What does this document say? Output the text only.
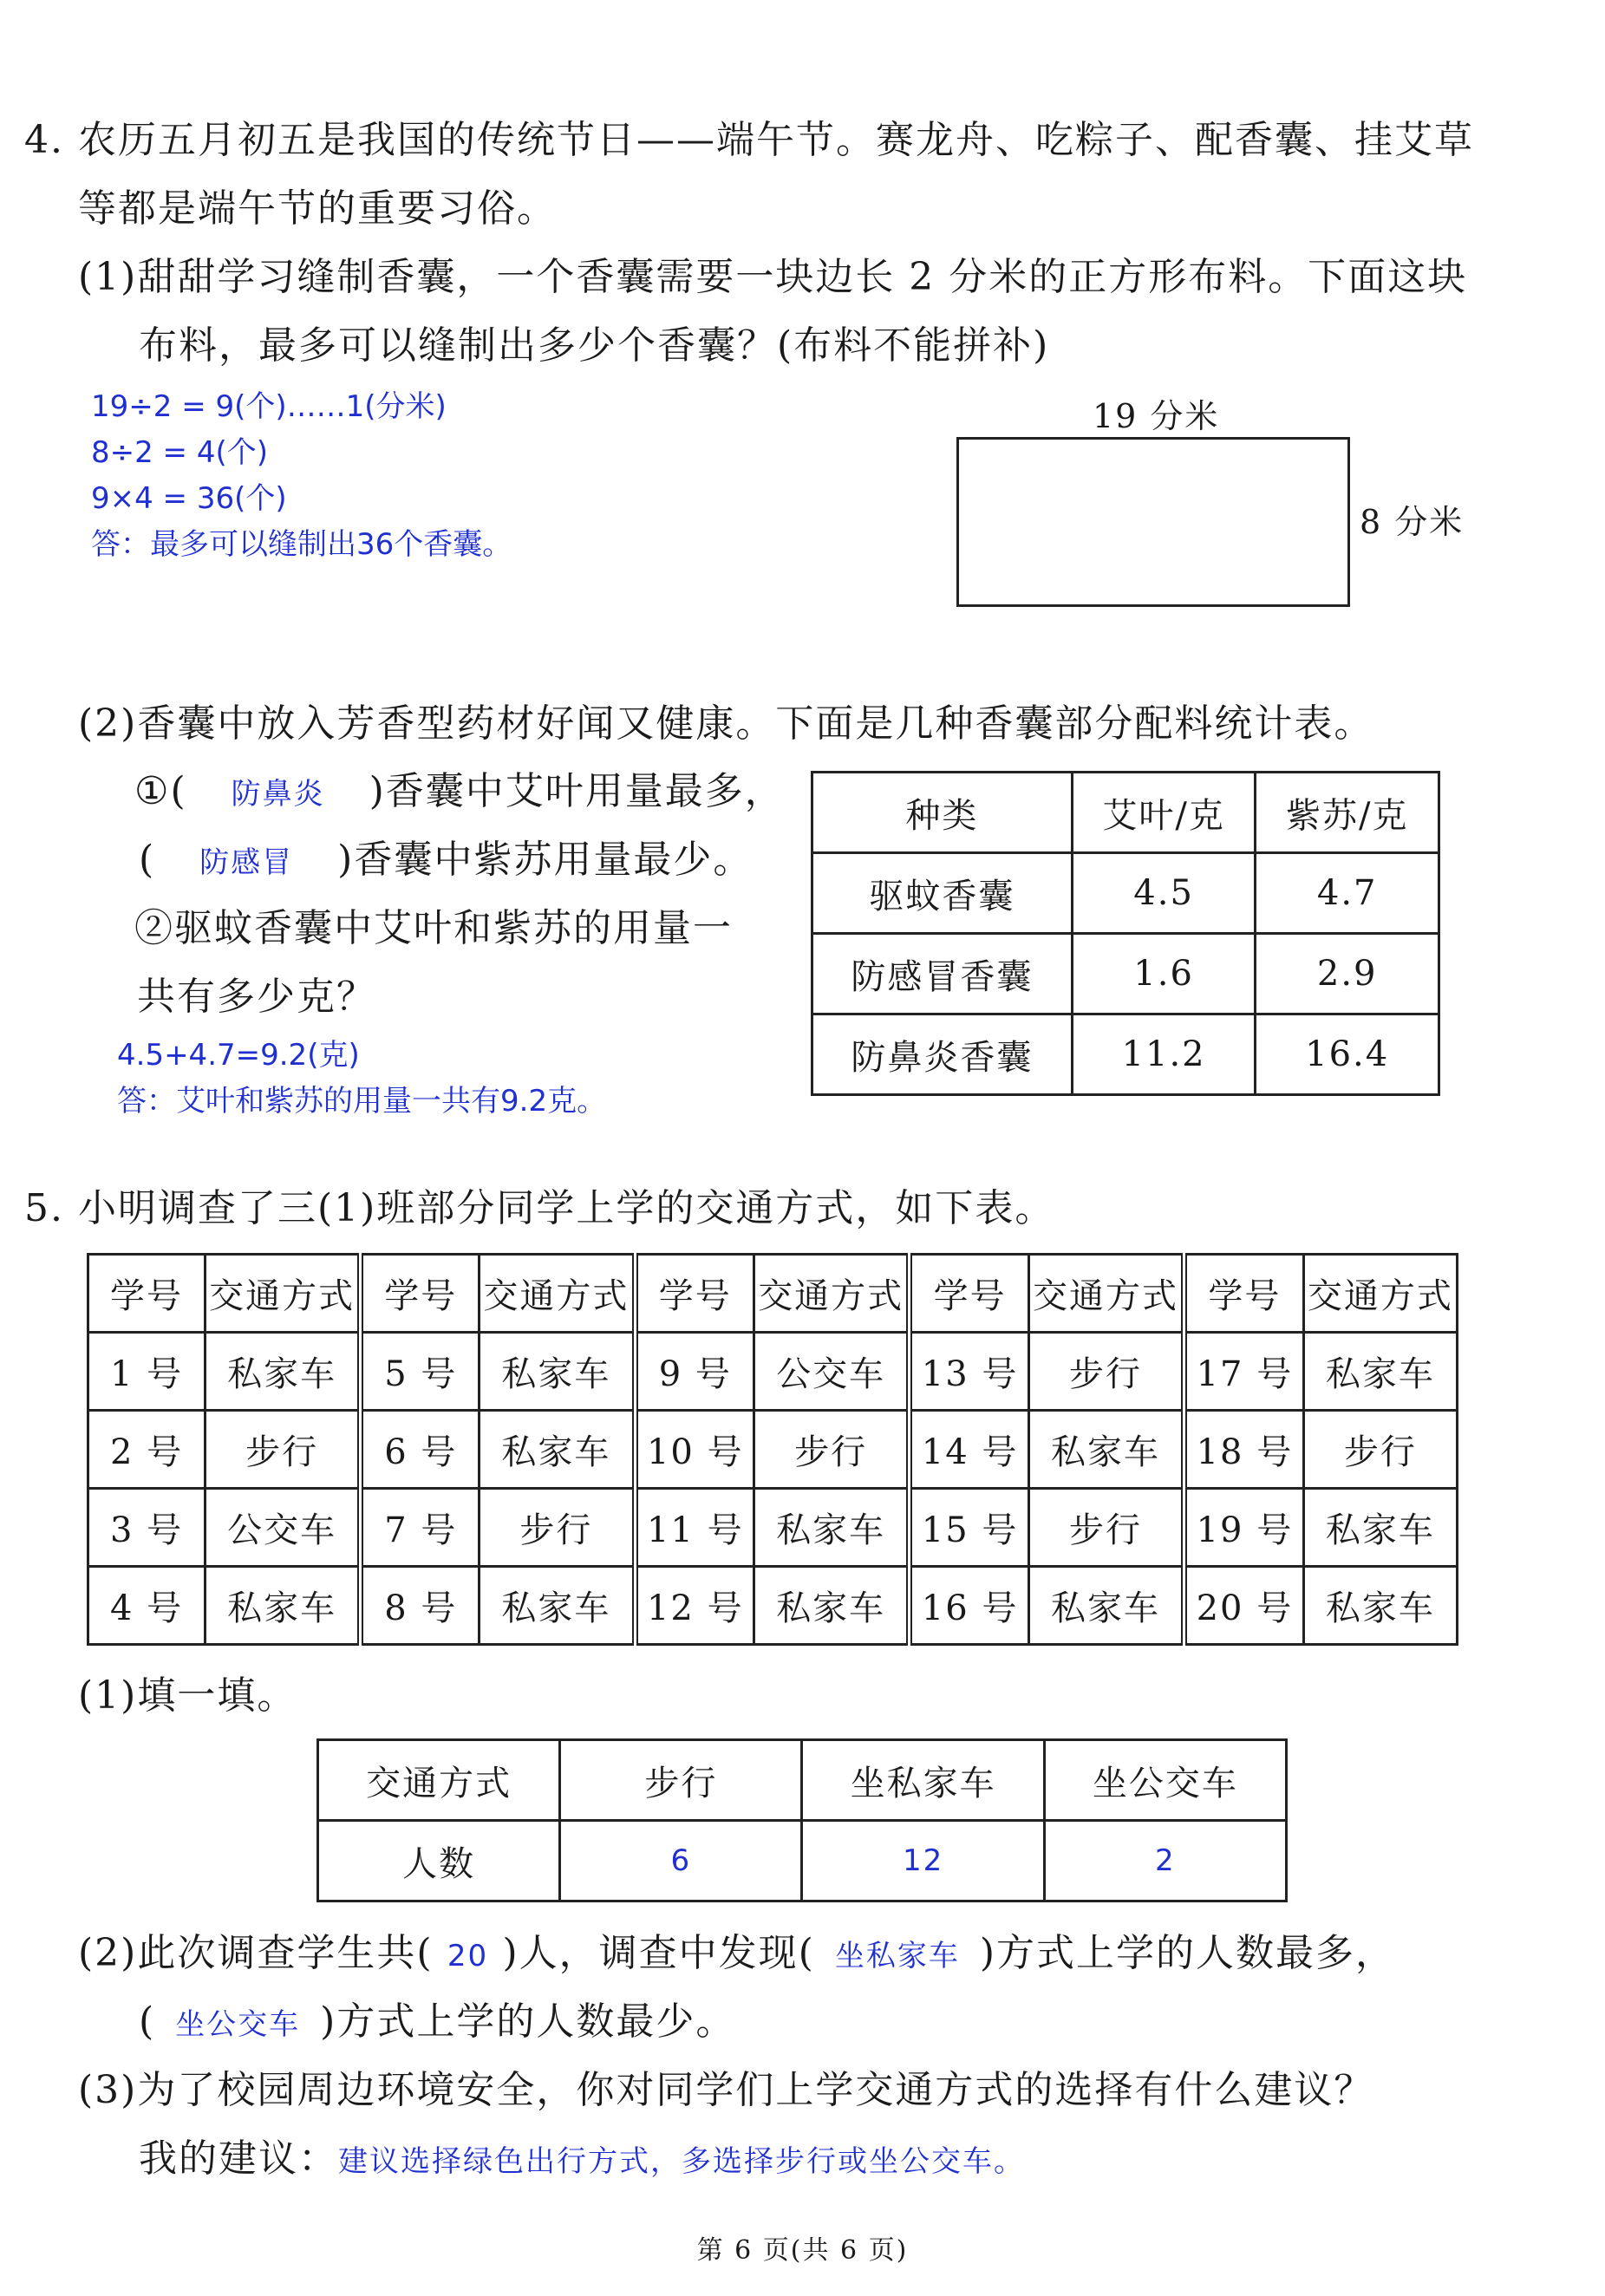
4. 农历五月初五是我国的传统节日——端午节。赛龙舟、吃粽子、配香囊、挂艾草
等都是端午节的重要习俗。
(1)甜甜学习缝制香囊，一个香囊需要一块边长 2 分米的正方形布料。下面这块
布料，最多可以缝制出多少个香囊？(布料不能拼补)
19÷2 = 9(个)……1(分米)
8÷2 = 4(个)
9×4 = 36(个)
答：最多可以缝制出36个香囊。
19 分米
8 分米
(2)香囊中放入芳香型药材好闻又健康。下面是几种香囊部分配料统计表。
①( 防鼻炎 )香囊中艾叶用量最多，
( 防感冒 )香囊中紫苏用量最少。
②驱蚊香囊中艾叶和紫苏的用量一
共有多少克？
4.5+4.7=9.2(克)
答：艾叶和紫苏的用量一共有9.2克。
种类	艾叶/克	紫苏/克
驱蚊香囊	4.5	4.7
防感冒香囊	1.6	2.9
防鼻炎香囊	11.2	16.4
5. 小明调查了三(1)班部分同学上学的交通方式，如下表。
学号	交通方式	学号	交通方式	学号	交通方式	学号	交通方式	学号	交通方式
1 号	私家车	5 号	私家车	9 号	公交车	13 号	步行	17 号	私家车
2 号	步行	6 号	私家车	10 号	步行	14 号	私家车	18 号	步行
3 号	公交车	7 号	步行	11 号	私家车	15 号	步行	19 号	私家车
4 号	私家车	8 号	私家车	12 号	私家车	16 号	私家车	20 号	私家车
(1)填一填。
交通方式	步行	坐私家车	坐公交车
人数	6	12	2
(2)此次调查学生共( 20 )人，调查中发现( 坐私家车 )方式上学的人数最多，
( 坐公交车 )方式上学的人数最少。
(3)为了校园周边环境安全，你对同学们上学交通方式的选择有什么建议？
我的建议：建议选择绿色出行方式，多选择步行或坐公交车。
第 6 页(共 6 页)
